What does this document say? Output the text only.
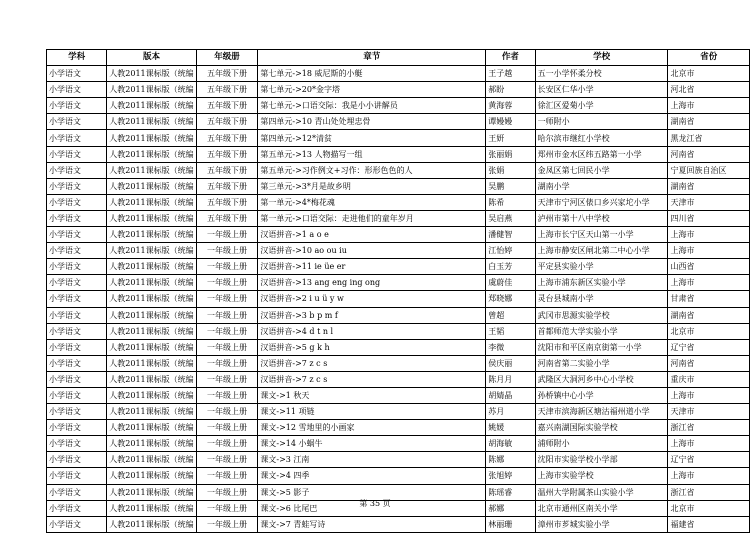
学科	版本	年级册	章节	作者	学校	省份
小学语文	人教2011课标版（统编	五年级下册	第七单元->18 威尼斯的小艇	王子越	五一小学怀柔分校	北京市
小学语文	人教2011课标版（统编	五年级下册	第七单元->20*金字塔	郝盼	长安区仁华小学	河北省
小学语文	人教2011课标版（统编	五年级下册	第七单元->口语交际：我是小小讲解员	黄海蓉	徐汇区爱菊小学	上海市
小学语文	人教2011课标版（统编	五年级下册	第四单元->10 青山处处埋忠骨	谭嫚嫚	一师附小	湖南省
小学语文	人教2011课标版（统编	五年级下册	第四单元->12*清贫	王妍	哈尔滨市继红小学校	黑龙江省
小学语文	人教2011课标版（统编	五年级下册	第五单元->13 人物描写一组	张丽娟	郑州市金水区纬五路第一小学	河南省
小学语文	人教2011课标版（统编	五年级下册	第五单元->习作例文+习作：形形色色的人	张娟	金凤区第七回民小学	宁夏回族自治区
小学语文	人教2011课标版（统编	五年级下册	第三单元->3*月是故乡明	吴鹏	湖南小学	湖南省
小学语文	人教2011课标版（统编	五年级下册	第一单元->4*梅花魂	陈希	天津市宁河区俵口乡兴家坨小学	天津市
小学语文	人教2011课标版（统编	五年级下册	第一单元->口语交际：走进他们的童年岁月	吴启燕	泸州市第十八中学校	四川省
小学语文	人教2011课标版（统编	一年级上册	汉语拼音->1 a o e	潘健智	上海市长宁区天山第一小学	上海市
小学语文	人教2011课标版（统编	一年级上册	汉语拼音->10 ao ou iu	江怡婷	上海市静安区闸北第二中心小学	上海市
小学语文	人教2011课标版（统编	一年级上册	汉语拼音->11 ie üe er	白玉芳	平定县实验小学	山西省
小学语文	人教2011课标版（统编	一年级上册	汉语拼音->13 ang eng ing ong	虞蔚佳	上海市浦东新区实验小学	上海市
小学语文	人教2011课标版（统编	一年级上册	汉语拼音->2 i u ü y w	郑晓娜	灵台县城南小学	甘肃省
小学语文	人教2011课标版（统编	一年级上册	汉语拼音->3 b p m f	曾超	武冈市思源实验学校	湖南省
小学语文	人教2011课标版（统编	一年级上册	汉语拼音->4 d t n l	王韬	首都师范大学实验小学	北京市
小学语文	人教2011课标版（统编	一年级上册	汉语拼音->5 g k h	李微	沈阳市和平区南京街第一小学	辽宁省
小学语文	人教2011课标版（统编	一年级上册	汉语拼音->7 z c s	侯庆丽	河南省第二实验小学	河南省
小学语文	人教2011课标版（统编	一年级上册	汉语拼音->7 z c s	陈月月	武隆区大洞河乡中心小学校	重庆市
小学语文	人教2011课标版（统编	一年级上册	课文->1 秋天	胡婧晶	孙桥镇中心小学	上海市
小学语文	人教2011课标版（统编	一年级上册	课文->11 项链	苏月	天津市滨海新区塘沽福州道小学	天津市
小学语文	人教2011课标版（统编	一年级上册	课文->12 雪地里的小画家	姚媛	嘉兴南湖国际实验学校	浙江省
小学语文	人教2011课标版（统编	一年级上册	课文->14 小蜗牛	胡海敏	浦师附小	上海市
小学语文	人教2011课标版（统编	一年级上册	课文->3 江南	陈娜	沈阳市实验学校小学部	辽宁省
小学语文	人教2011课标版（统编	一年级上册	课文->4 四季	张旭婷	上海市实验学校	上海市
小学语文	人教2011课标版（统编	一年级上册	课文->5 影子	陈瑶睿	温州大学附属茶山实验小学	浙江省
小学语文	人教2011课标版（统编	一年级上册	课文->6 比尾巴	郝娜	北京市通州区南关小学	北京市
小学语文	人教2011课标版（统编	一年级上册	课文->7 青蛙写诗	林丽珊	漳州市芗城实验小学	福建省
第 35 页
